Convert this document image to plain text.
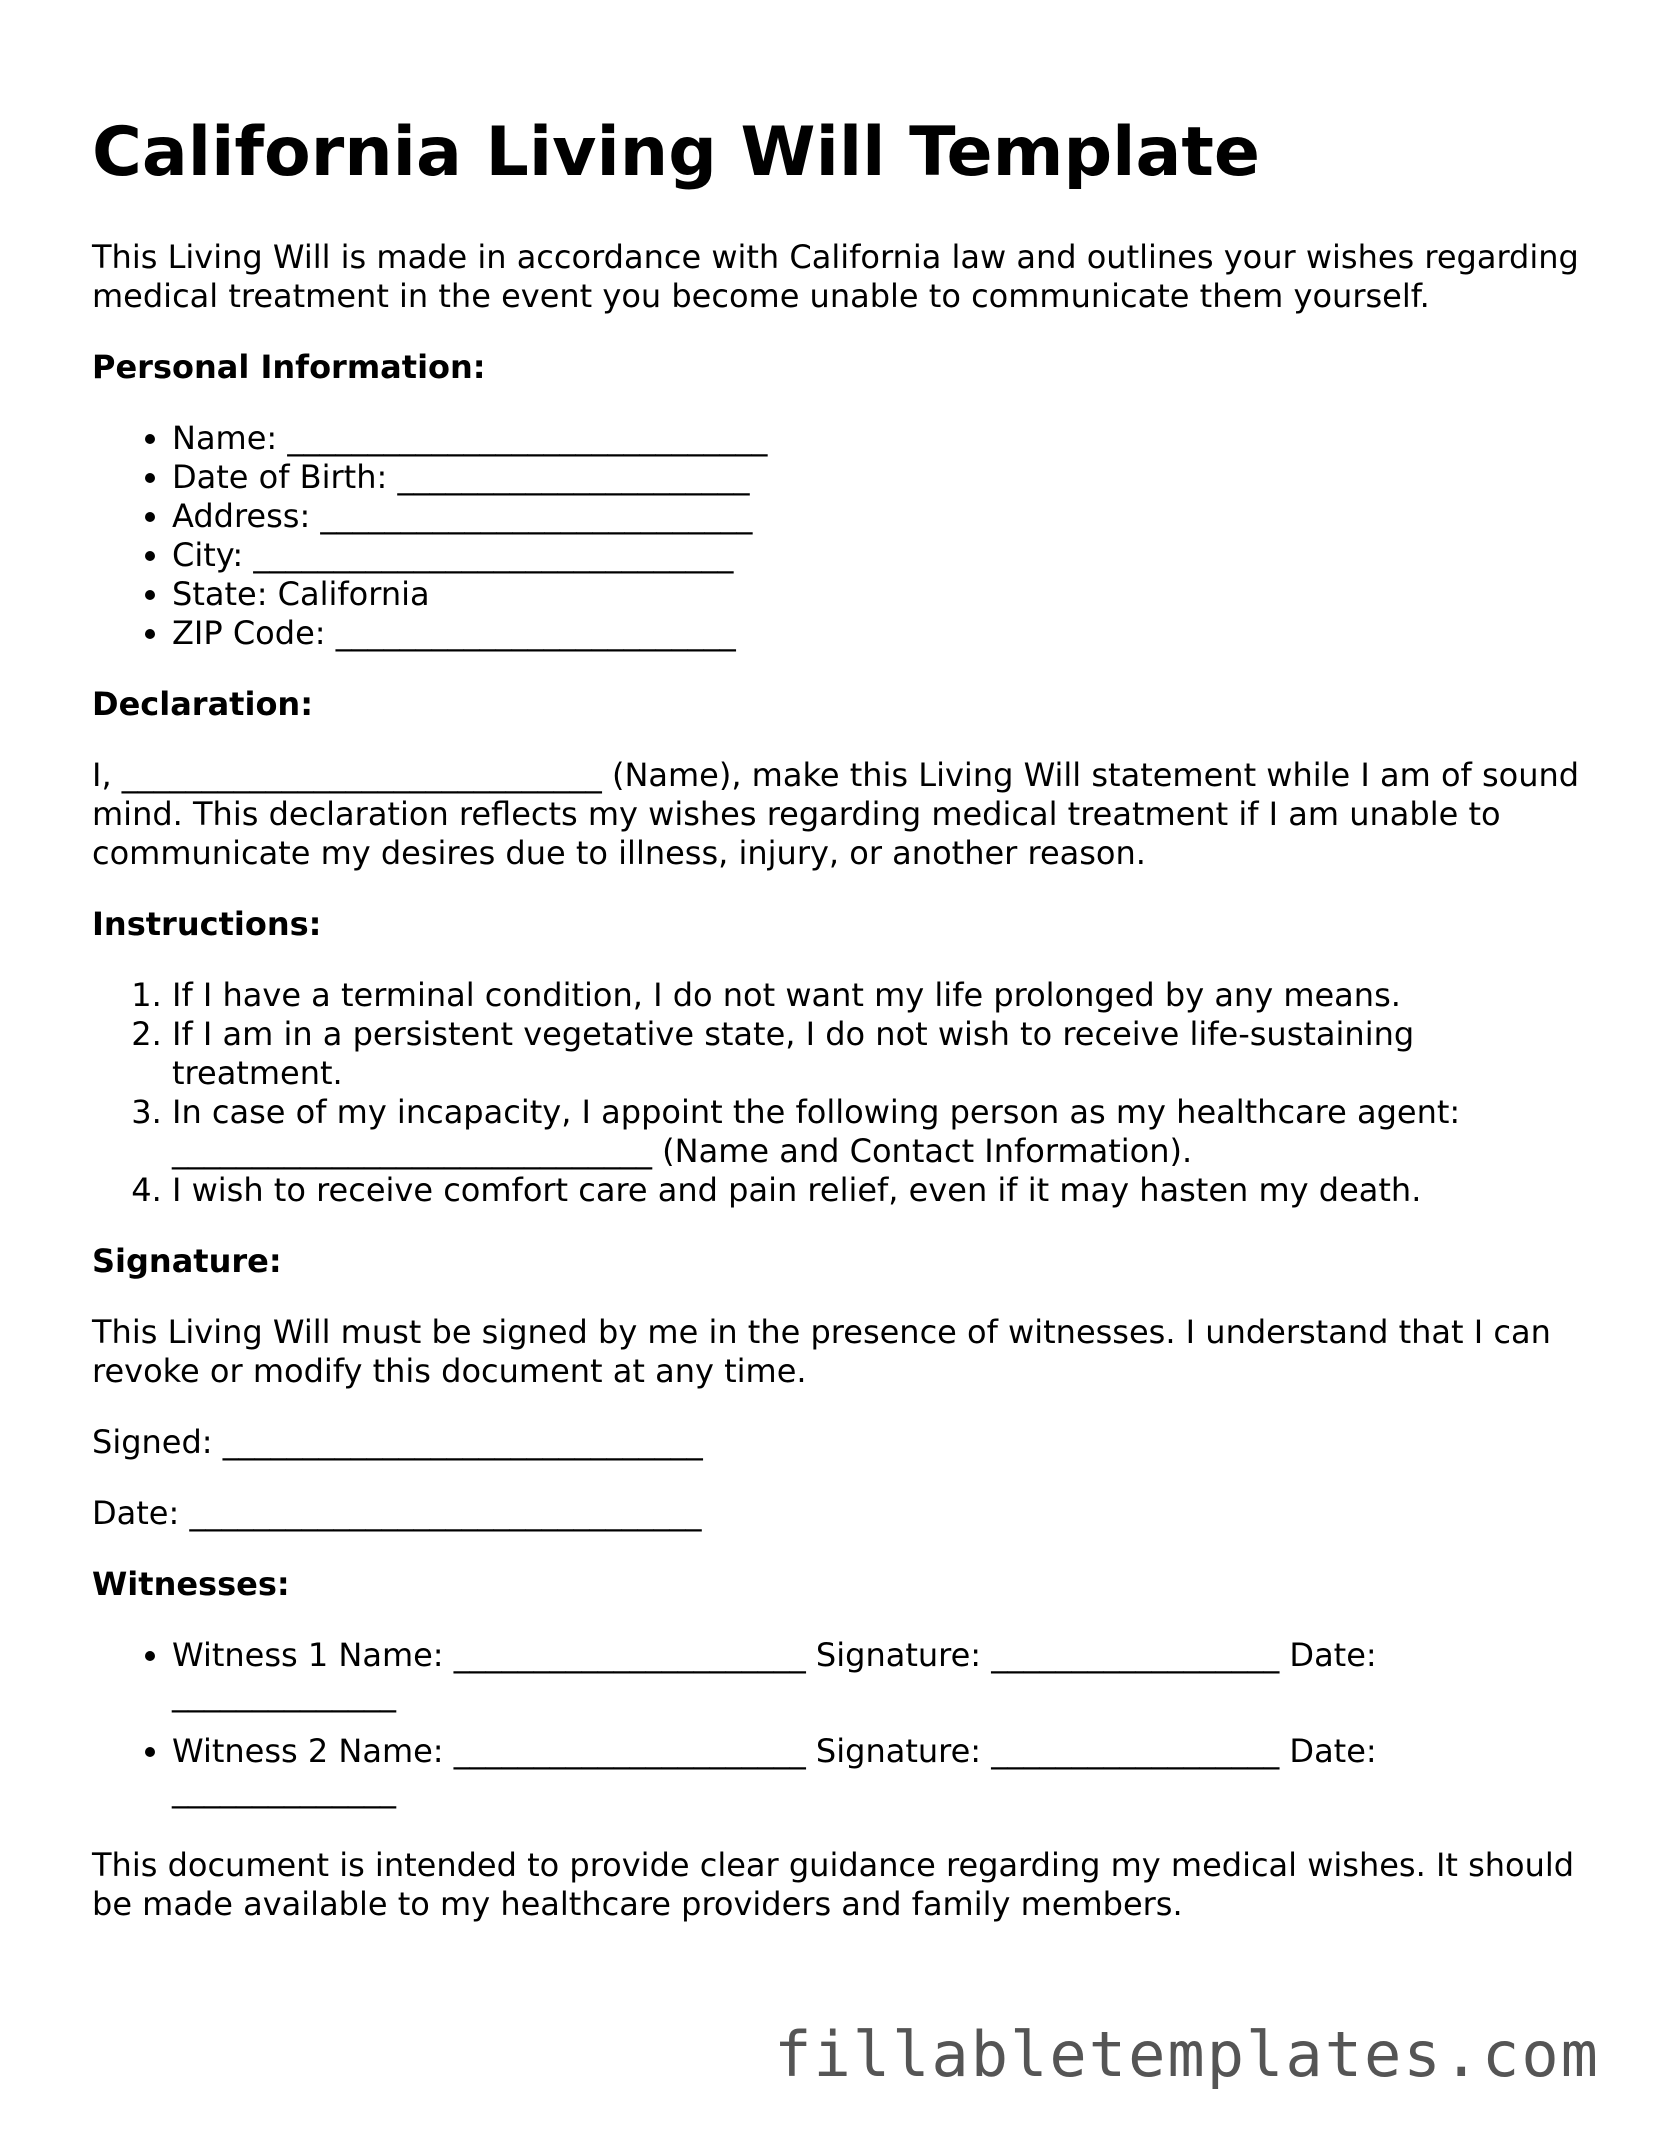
California Living Will Template

This Living Will is made in accordance with California law and outlines your wishes regarding medical treatment in the event you become unable to communicate them yourself.

Personal Information:
• Name: ______________________________
• Date of Birth: ______________________
• Address: ___________________________
• City: ______________________________
• State: California
• ZIP Code: _________________________
Declaration:

I, ______________________________ (Name), make this Living Will statement while I am of sound mind. This declaration reflects my wishes regarding medical treatment if I am unable to communicate my desires due to illness, injury, or another reason.

Instructions:
1. If I have a terminal condition, I do not want my life prolonged by any means.
2. If I am in a persistent vegetative state, I do not wish to receive life-sustaining treatment.
3. In case of my incapacity, I appoint the following person as my healthcare agent: ______________________________ (Name and Contact Information).
4. I wish to receive comfort care and pain relief, even if it may hasten my death.
Signature:

This Living Will must be signed by me in the presence of witnesses. I understand that I can revoke or modify this document at any time.

Signed: ______________________________

Date: ________________________________

Witnesses:
• Witness 1 Name: ______________________ Signature: __________________ Date: ______________
• Witness 2 Name: ______________________ Signature: __________________ Date: ______________

This document is intended to provide clear guidance regarding my medical wishes. It should be made available to my healthcare providers and family members.

fillabletemplates.com
